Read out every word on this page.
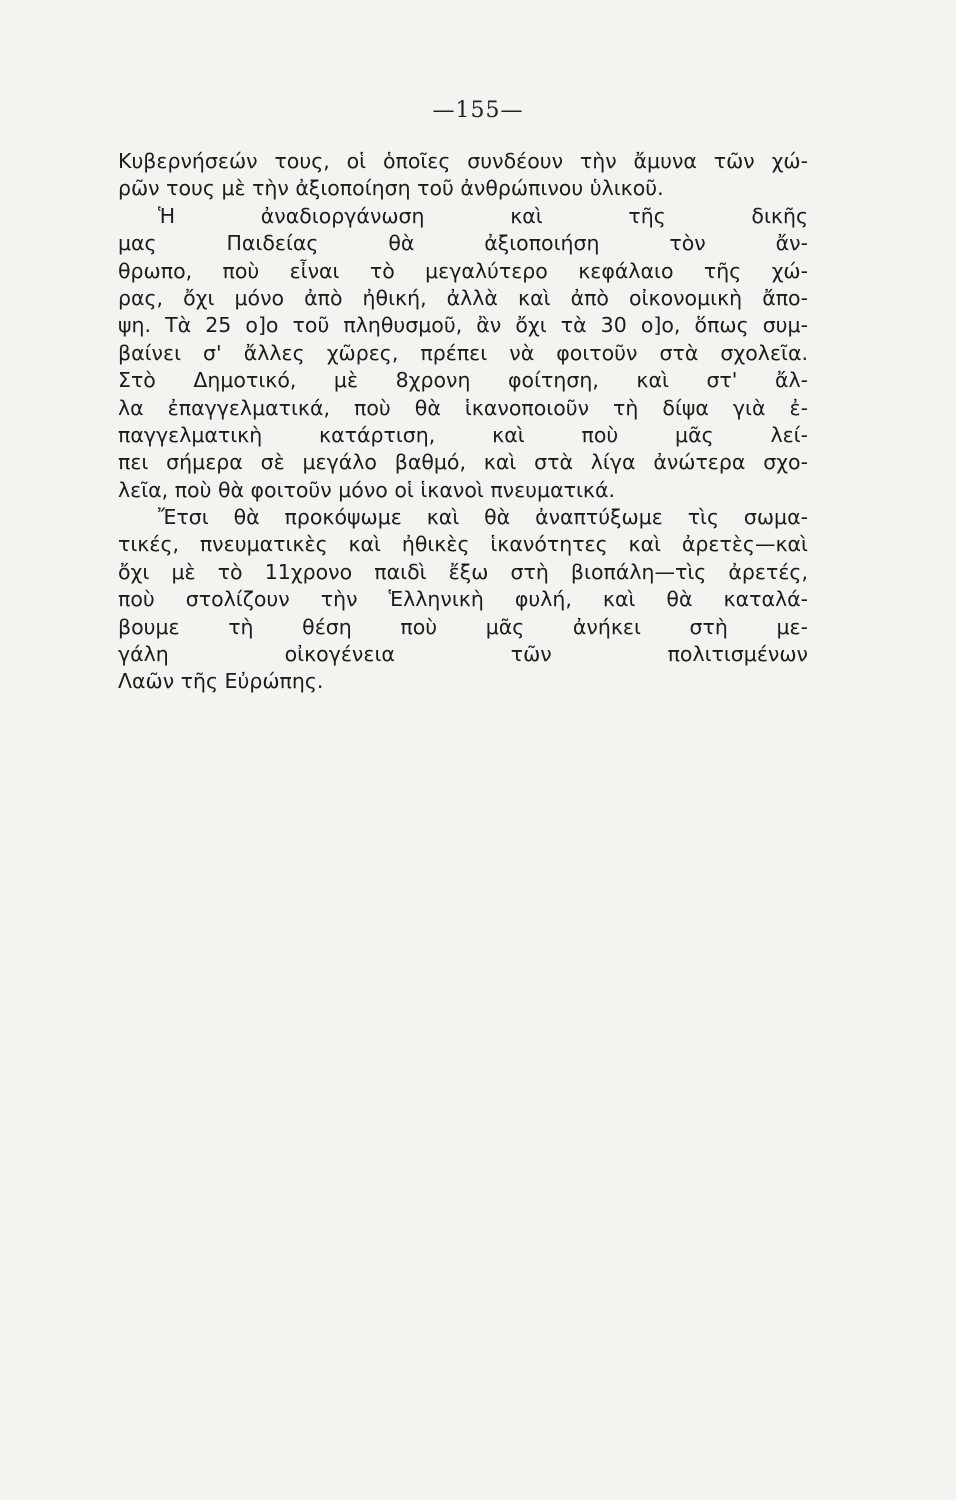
—155—
Κυβερνήσεών τους, οἱ ὁποῖες συνδέουν τὴν ἄμυνα τῶν χώ-
ρῶν τους μὲ τὴν ἀξιοποίηση τοῦ ἀνθρώπινου ὑλικοῦ.
Ἡ ἀναδιοργάνωση καὶ τῆς δικῆς
μας Παιδείας θὰ ἀξιοποιήση τὸν ἄν-
θρωπο, ποὺ εἶναι τὸ μεγαλύτερο κεφάλαιο τῆς χώ-
ρας, ὄχι μόνο ἀπὸ ἠθική, ἀλλὰ καὶ ἀπὸ οἰκονομικὴ ἄπο-
ψη. Τὰ 25 ο]ο τοῦ πληθυσμοῦ, ἂν ὄχι τὰ 30 ο]ο, ὅπως συμ-
βαίνει σ' ἄλλες χῶρες, πρέπει νὰ φοιτοῦν στὰ σχολεῖα.
Στὸ Δημοτικό, μὲ 8χρονη φοίτηση, καὶ στ' ἄλ-
λα ἐπαγγελματικά, ποὺ θὰ ἱκανοποιοῦν τὴ δίψα γιὰ ἐ-
παγγελματικὴ κατάρτιση, καὶ ποὺ μᾶς λεί-
πει σήμερα σὲ μεγάλο βαθμό, καὶ στὰ λίγα ἀνώτερα σχο-
λεῖα, ποὺ θὰ φοιτοῦν μόνο οἱ ἱκανοὶ πνευματικά.
Ἔτσι θὰ προκόψωμε καὶ θὰ ἀναπτύξωμε τὶς σωμα-
τικές, πνευματικὲς καὶ ἠθικὲς ἱκανότητες καὶ ἀρετὲς—καὶ
ὄχι μὲ τὸ 11χρονο παιδὶ ἔξω στὴ βιοπάλη—τὶς ἀρετές,
ποὺ στολίζουν τὴν Ἑλληνικὴ φυλή, καὶ θὰ καταλά-
βουμε τὴ θέση ποὺ μᾶς ἀνήκει στὴ με-
γάλη οἰκογένεια τῶν πολιτισμένων
Λαῶν τῆς Εὐρώπης.
